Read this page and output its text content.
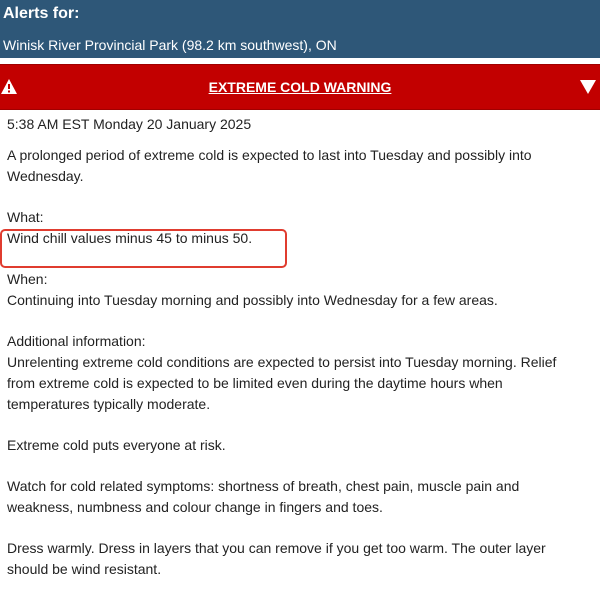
Alerts for:
Winisk River Provincial Park (98.2 km southwest), ON
EXTREME COLD WARNING

5:38 AM EST Monday 20 January 2025

A prolonged period of extreme cold is expected to last into Tuesday and possibly into Wednesday.

What:

Wind chill values minus 45 to minus 50.

When:

Continuing into Tuesday morning and possibly into Wednesday for a few areas.

Additional information:

Unrelenting extreme cold conditions are expected to persist into Tuesday morning. Relief from extreme cold is expected to be limited even during the daytime hours when temperatures typically moderate.

Extreme cold puts everyone at risk.

Watch for cold related symptoms: shortness of breath, chest pain, muscle pain and weakness, numbness and colour change in fingers and toes.

Dress warmly. Dress in layers that you can remove if you get too warm. The outer layer should be wind resistant.
